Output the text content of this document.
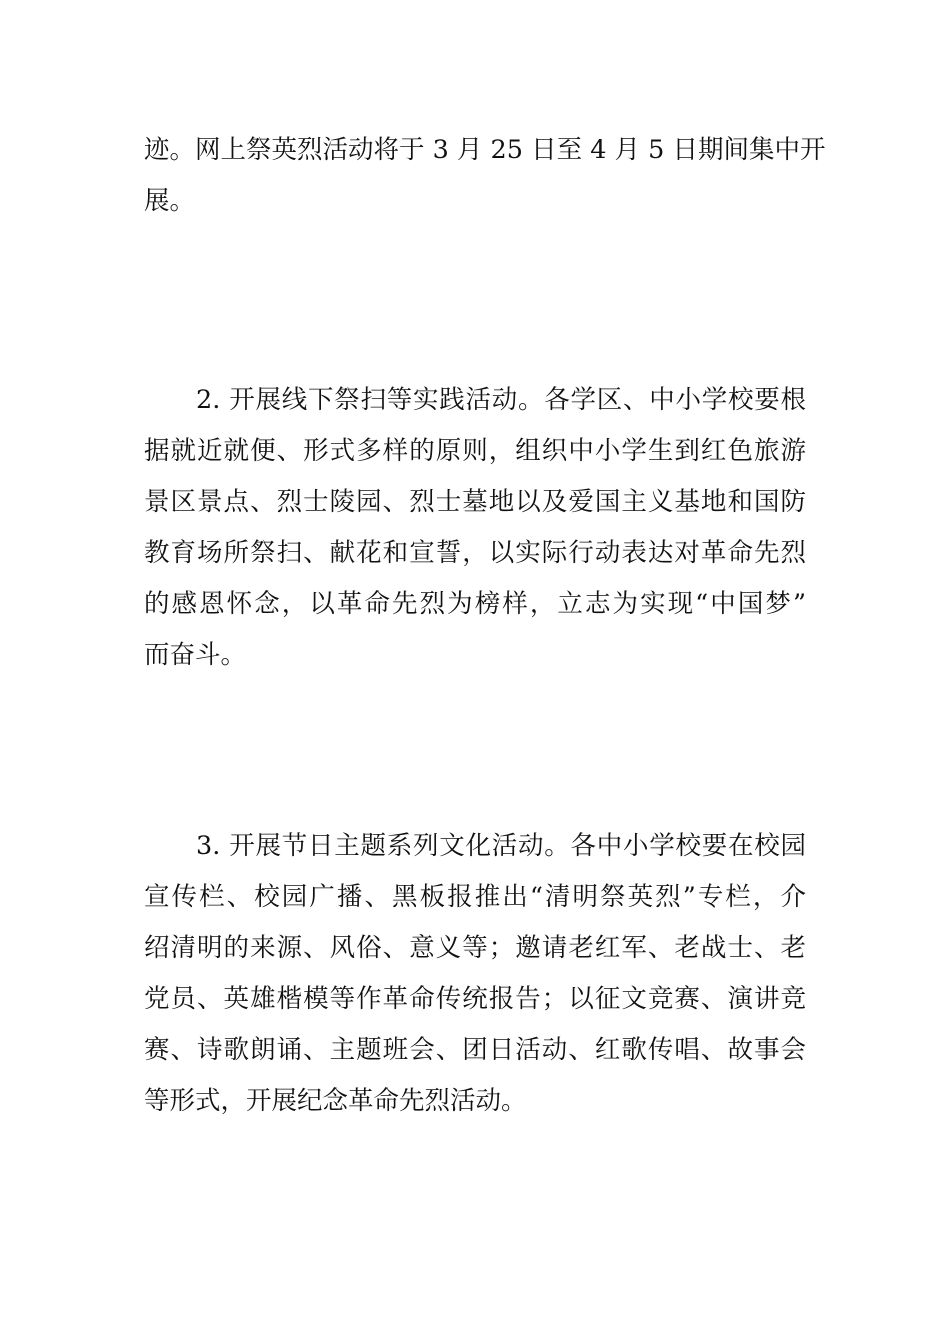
迹。网上祭英烈活动将于 3 月 25 日至 4 月 5 日期间集中开
展。
2. 开展线下祭扫等实践活动。各学区、中小学校要根
据就近就便、形式多样的原则，组织中小学生到红色旅游
景区景点、烈士陵园、烈士墓地以及爱国主义基地和国防
教育场所祭扫、献花和宣誓，以实际行动表达对革命先烈
的感恩怀念，以革命先烈为榜样，立志为实现“中国梦”
而奋斗。
3. 开展节日主题系列文化活动。各中小学校要在校园
宣传栏、校园广播、黑板报推出“清明祭英烈”专栏，介
绍清明的来源、风俗、意义等；邀请老红军、老战士、老
党员、英雄楷模等作革命传统报告；以征文竞赛、演讲竞
赛、诗歌朗诵、主题班会、团日活动、红歌传唱、故事会
等形式，开展纪念革命先烈活动。
